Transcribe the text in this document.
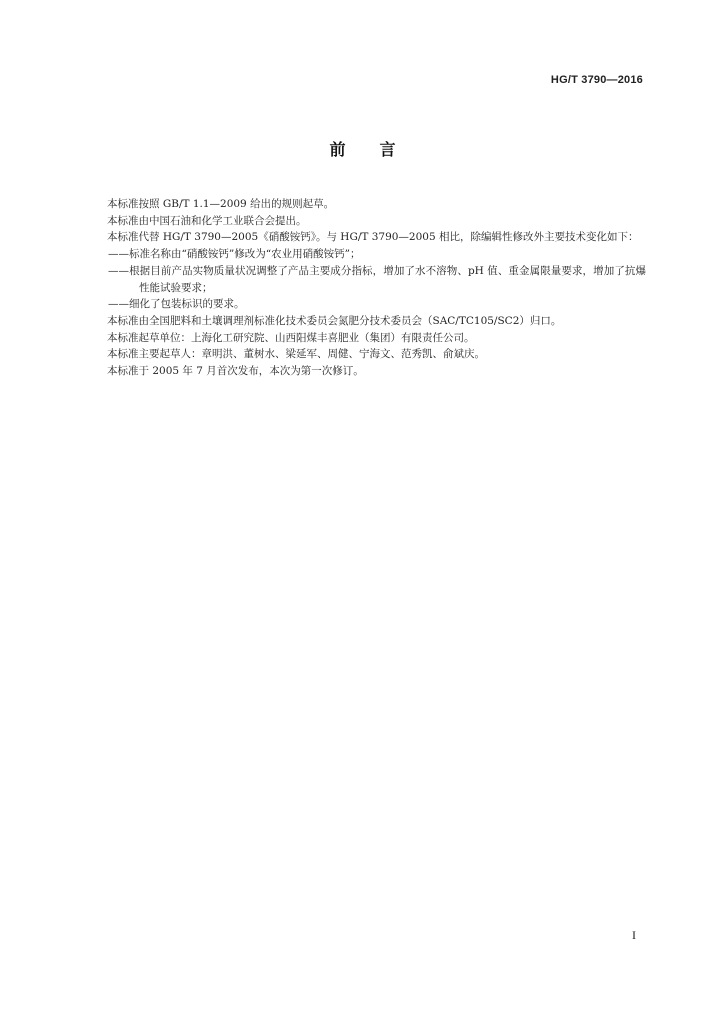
HG/T 3790—2016
前言

本标准按照 GB/T 1.1—2009 给出的规则起草。

本标准由中国石油和化学工业联合会提出。

本标准代替 HG/T 3790—2005《硝酸铵钙》。与 HG/T 3790—2005 相比，除编辑性修改外主要技术变化如下：

——标准名称由“硝酸铵钙”修改为“农业用硝酸铵钙”；

——根据目前产品实物质量状况调整了产品主要成分指标，增加了水不溶物、pH 值、重金属限量要求，增加了抗爆性能试验要求；

——细化了包装标识的要求。

本标准由全国肥料和土壤调理剂标准化技术委员会氮肥分技术委员会（SAC/TC105/SC2）归口。

本标准起草单位：上海化工研究院、山西阳煤丰喜肥业（集团）有限责任公司。

本标准主要起草人：章明洪、董树水、梁延军、周健、宁海文、范秀凯、俞斌庆。

本标准于 2005 年 7 月首次发布，本次为第一次修订。

I
